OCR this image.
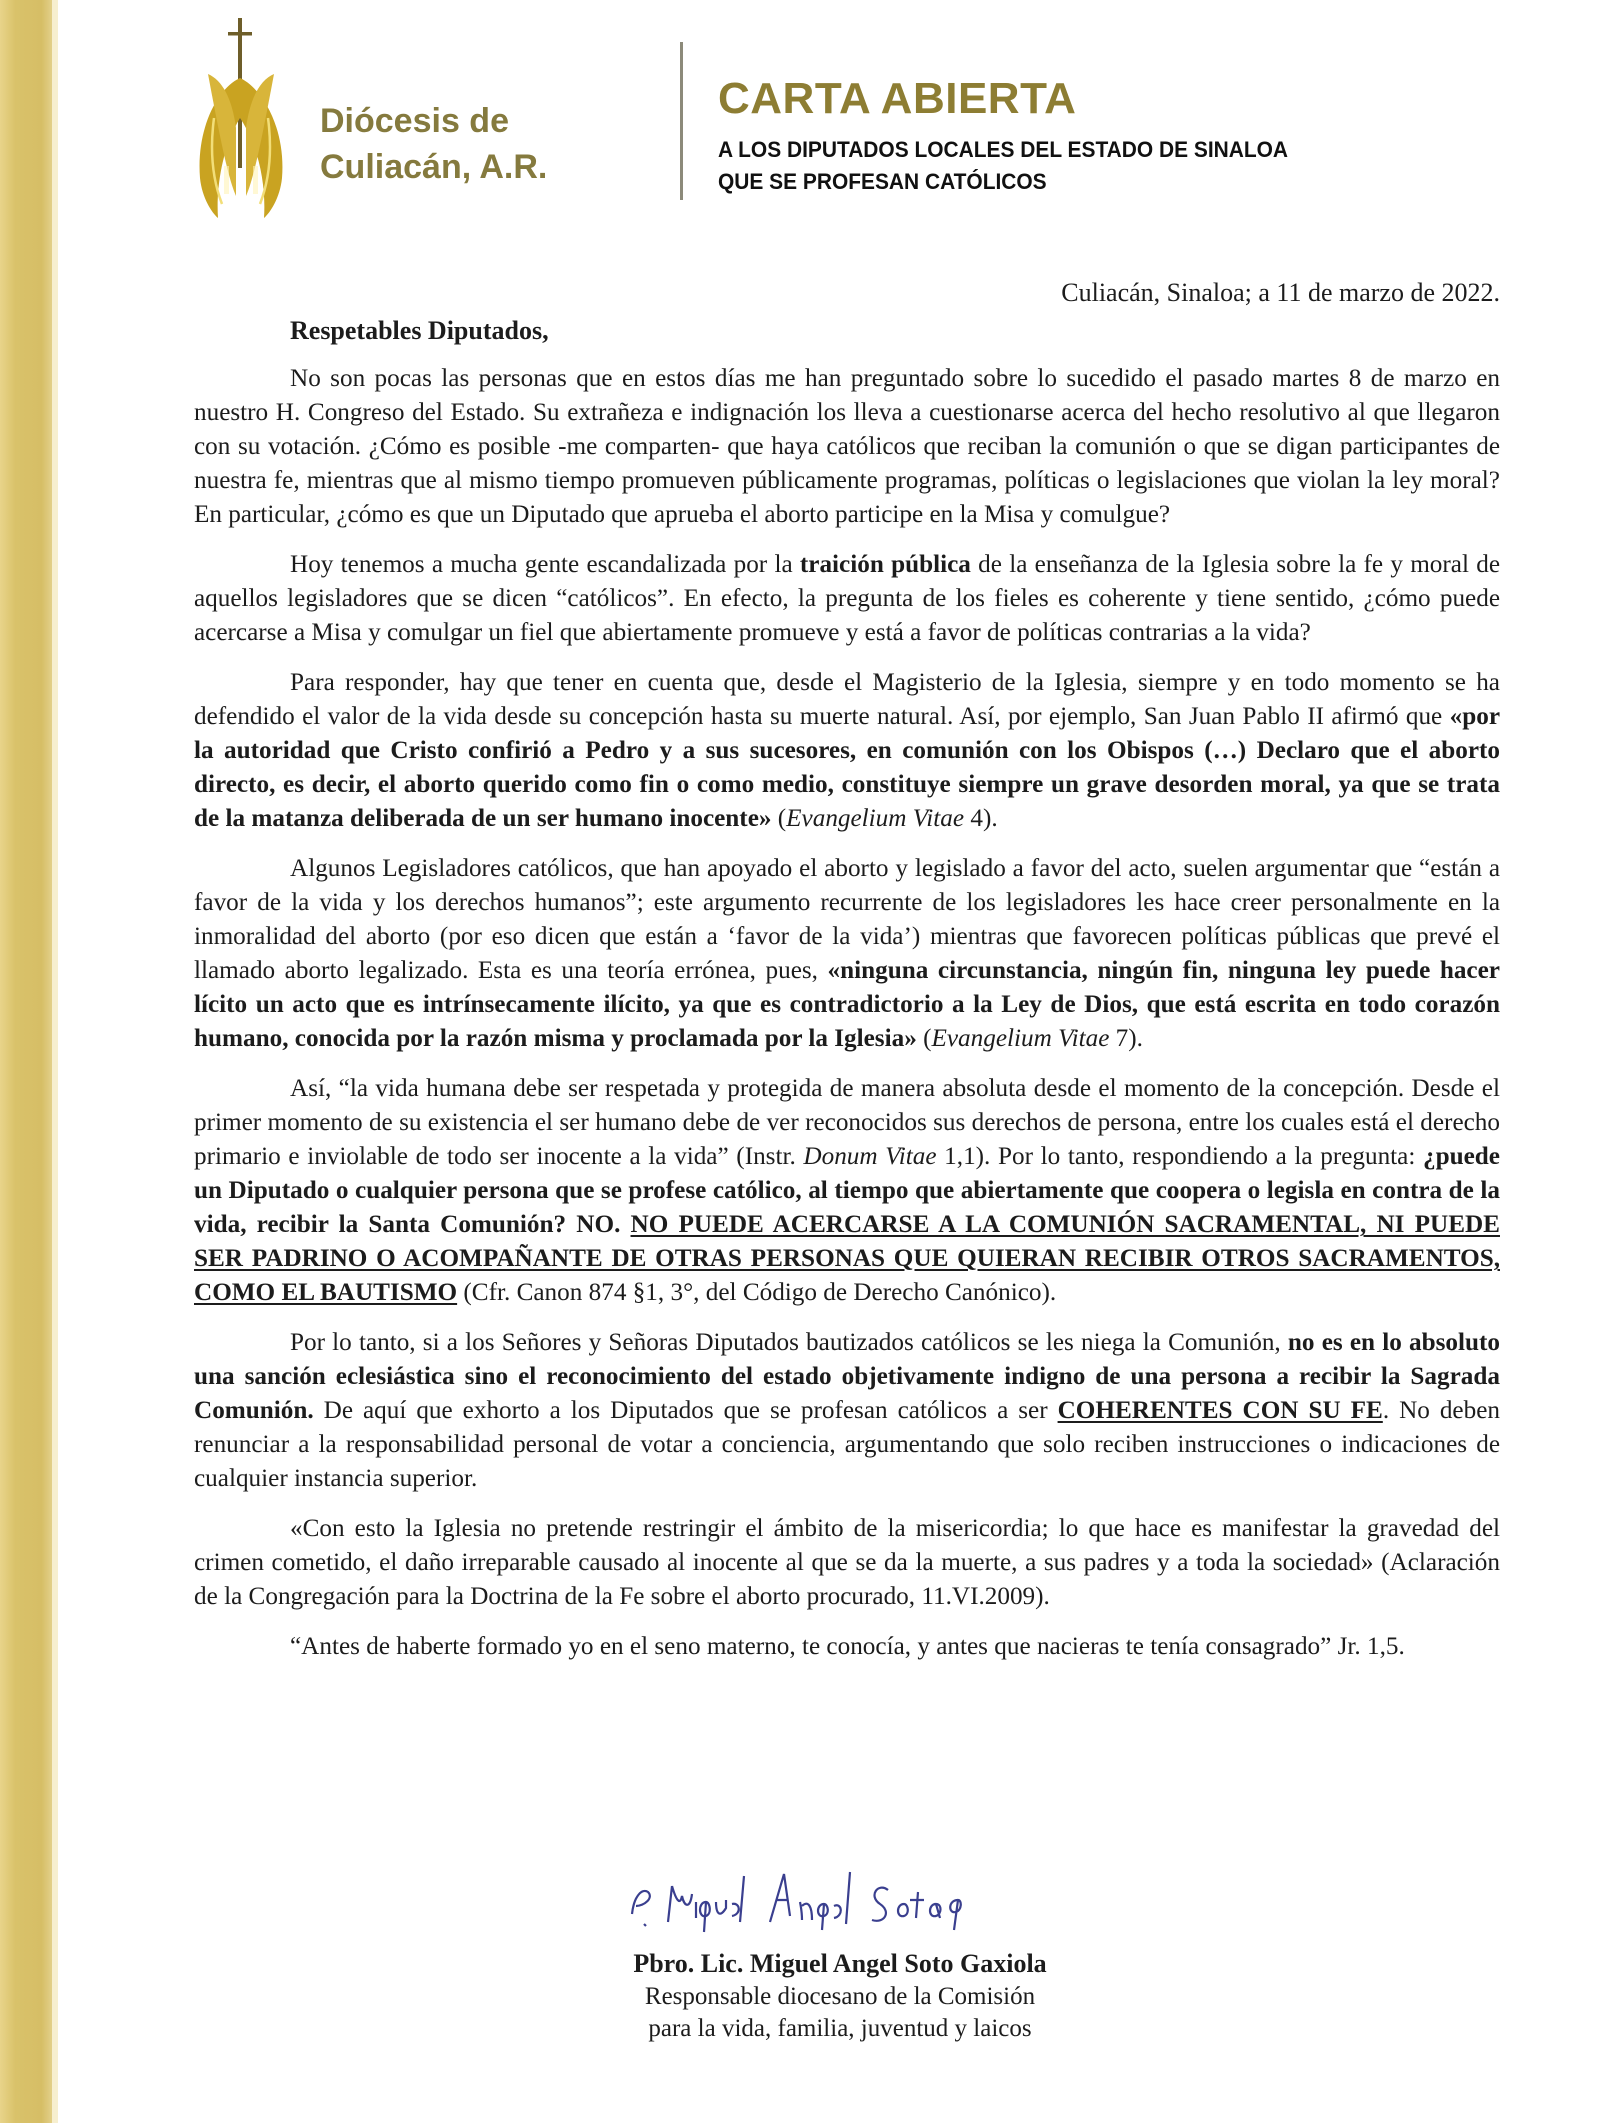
Diócesis de
Culiacán, A.R.
CARTA ABIERTA
A LOS DIPUTADOS LOCALES DEL ESTADO DE SINALOA
QUE SE PROFESAN CATÓLICOS
Culiacán, Sinaloa; a 11 de marzo de 2022.
Respetables Diputados,

No son pocas las personas que en estos días me han preguntado sobre lo sucedido el pasado martes 8 de marzo en nuestro H. Congreso del Estado. Su extrañeza e indignación los lleva a cuestionarse acerca del hecho resolutivo al que llegaron con su votación. ¿Cómo es posible -me comparten- que haya católicos que reciban la comunión o que se digan participantes de nuestra fe, mientras que al mismo tiempo promueven públicamente programas, políticas o legislaciones que violan la ley moral? En particular, ¿cómo es que un Diputado que aprueba el aborto participe en la Misa y comulgue?

Hoy tenemos a mucha gente escandalizada por la traición pública de la enseñanza de la Iglesia sobre la fe y moral de aquellos legisladores que se dicen “católicos”. En efecto, la pregunta de los fieles es coherente y tiene sentido, ¿cómo puede acercarse a Misa y comulgar un fiel que abiertamente promueve y está a favor de políticas contrarias a la vida?

Para responder, hay que tener en cuenta que, desde el Magisterio de la Iglesia, siempre y en todo momento se ha defendido el valor de la vida desde su concepción hasta su muerte natural. Así, por ejemplo, San Juan Pablo II afirmó que «por la autoridad que Cristo confirió a Pedro y a sus sucesores, en comunión con los Obispos (…) Declaro que el aborto directo, es decir, el aborto querido como fin o como medio, constituye siempre un grave desorden moral, ya que se trata de la matanza deliberada de un ser humano inocente» (Evangelium Vitae 4).

Algunos Legisladores católicos, que han apoyado el aborto y legislado a favor del acto, suelen argumentar que “están a favor de la vida y los derechos humanos”; este argumento recurrente de los legisladores les hace creer personalmente en la inmoralidad del aborto (por eso dicen que están a ‘favor de la vida’) mientras que favorecen políticas públicas que prevé el llamado aborto legalizado. Esta es una teoría errónea, pues, «ninguna circunstancia, ningún fin, ninguna ley puede hacer lícito un acto que es intrínsecamente ilícito, ya que es contradictorio a la Ley de Dios, que está escrita en todo corazón humano, conocida por la razón misma y proclamada por la Iglesia» (Evangelium Vitae 7).

Así, “la vida humana debe ser respetada y protegida de manera absoluta desde el momento de la concepción. Desde el primer momento de su existencia el ser humano debe de ver reconocidos sus derechos de persona, entre los cuales está el derecho primario e inviolable de todo ser inocente a la vida” (Instr. Donum Vitae 1,1). Por lo tanto, respondiendo a la pregunta: ¿puede un Diputado o cualquier persona que se profese católico, al tiempo que abiertamente que coopera o legisla en contra de la vida, recibir la Santa Comunión? NO. NO PUEDE ACERCARSE A LA COMUNIÓN SACRAMENTAL, NI PUEDE SER PADRINO O ACOMPAÑANTE DE OTRAS PERSONAS QUE QUIERAN RECIBIR OTROS SACRAMENTOS, COMO EL BAUTISMO (Cfr. Canon 874 §1, 3°, del Código de Derecho Canónico).

Por lo tanto, si a los Señores y Señoras Diputados bautizados católicos se les niega la Comunión, no es en lo absoluto una sanción eclesiástica sino el reconocimiento del estado objetivamente indigno de una persona a recibir la Sagrada Comunión. De aquí que exhorto a los Diputados que se profesan católicos a ser COHERENTES CON SU FE. No deben renunciar a la responsabilidad personal de votar a conciencia, argumentando que solo reciben instrucciones o indicaciones de cualquier instancia superior.

«Con esto la Iglesia no pretende restringir el ámbito de la misericordia; lo que hace es manifestar la gravedad del crimen cometido, el daño irreparable causado al inocente al que se da la muerte, a sus padres y a toda la sociedad» (Aclaración de la Congregación para la Doctrina de la Fe sobre el aborto procurado, 11.VI.2009).

“Antes de haberte formado yo en el seno materno, te conocía, y antes que nacieras te tenía consagrado” Jr. 1,5.

Pbro. Lic. Miguel Angel Soto Gaxiola
Responsable diocesano de la Comisión
para la vida, familia, juventud y laicos
